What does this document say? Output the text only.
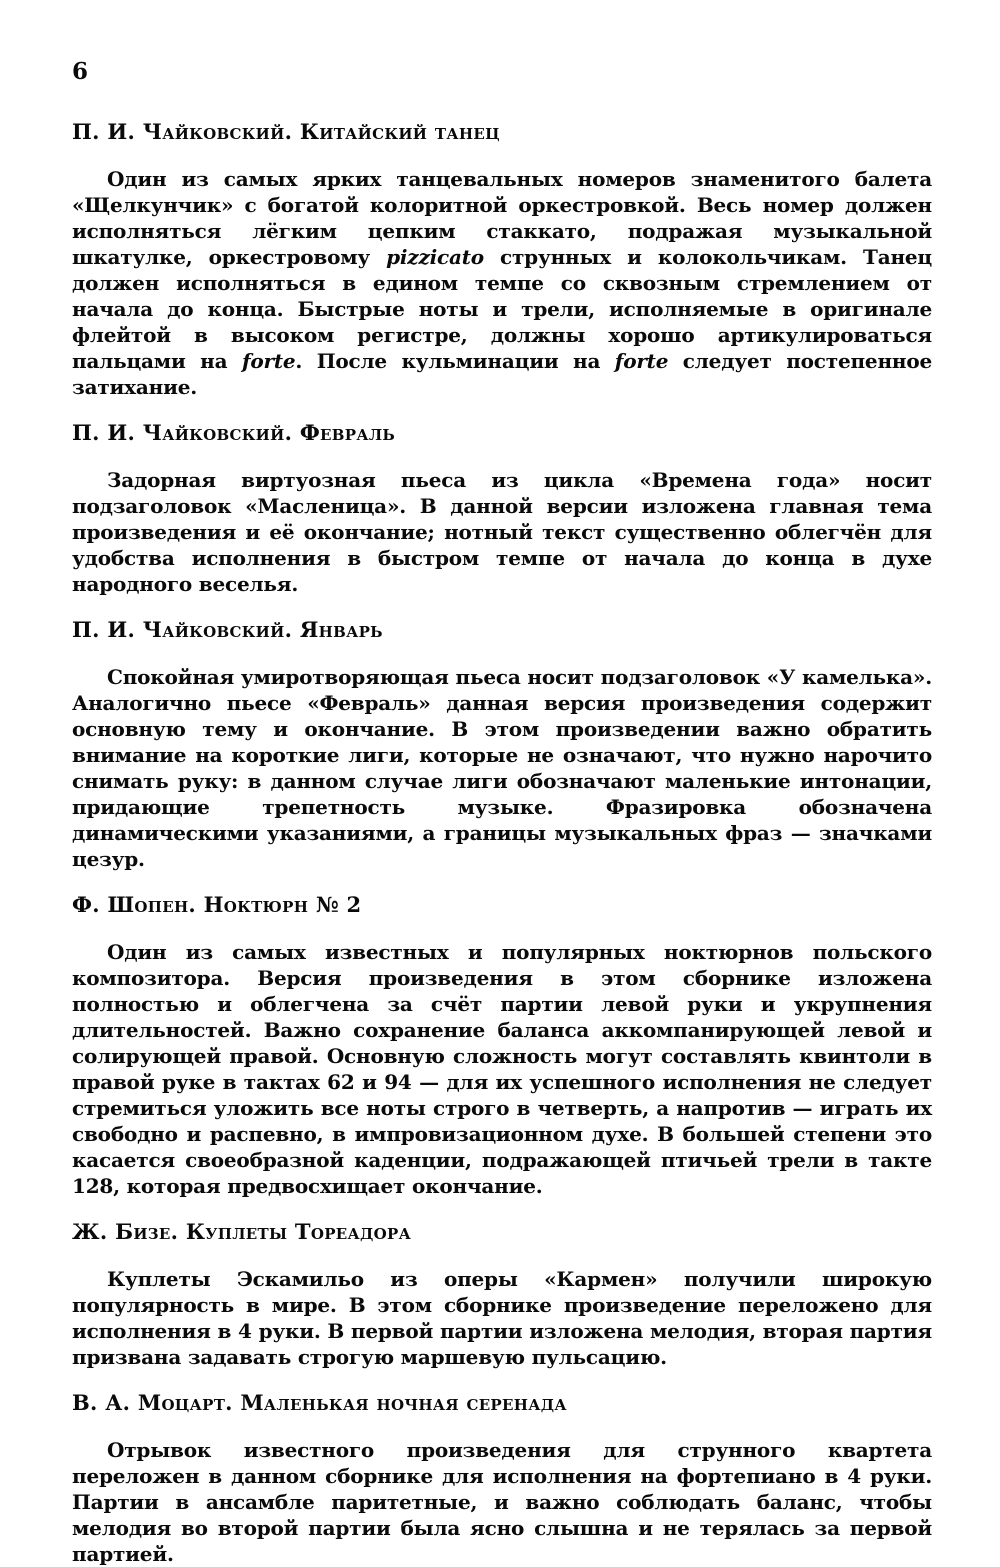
6
П. И. Чайковский. Китайский танец

Один из самых ярких танцевальных номеров знаменитого балета «Щелкунчик» с богатой колоритной оркестровкой. Весь номер должен исполняться лёгким цепким стаккато, подражая музыкальной шкатулке, оркестровому pizzicato струнных и колокольчикам. Танец должен исполняться в едином темпе со сквозным стремлением от начала до конца. Быстрые ноты и трели, исполняемые в оригинале флейтой в высоком регистре, должны хорошо артикулироваться пальцами на forte. После кульминации на forte следует постепенное затихание.

П. И. Чайковский. Февраль

Задорная виртуозная пьеса из цикла «Времена года» носит подзаголовок «Масленица». В данной версии изложена главная тема произведения и её окончание; нотный текст существенно облегчён для удобства исполнения в быстром темпе от начала до конца в духе народного веселья.

П. И. Чайковский. Январь

Спокойная умиротворяющая пьеса носит подзаголовок «У камелька». Аналогично пьесе «Февраль» данная версия произведения содержит основную тему и окончание. В этом произведении важно обратить внимание на короткие лиги, которые не означают, что нужно нарочито снимать руку: в данном случае лиги обозначают маленькие интонации, придающие трепетность музыке. Фразировка обозначена динамическими указаниями, а границы музыкальных фраз — значками цезур.

Ф. Шопен. Ноктюрн № 2

Один из самых известных и популярных ноктюрнов польского композитора. Версия произведения в этом сборнике изложена полностью и облегчена за счёт партии левой руки и укрупнения длительностей. Важно сохранение баланса аккомпанирующей левой и солирующей правой. Основную сложность могут составлять квинтоли в правой руке в тактах 62 и 94 — для их успешного исполнения не следует стремиться уложить все ноты строго в четверть, а напротив — играть их свободно и распевно, в импровизационном духе. В большей степени это касается своеобразной каденции, подражающей птичьей трели в такте 128, которая предвосхищает окончание.

Ж. Бизе. Куплеты Тореадора

Куплеты Эскамильо из оперы «Кармен» получили широкую популярность в мире. В этом сборнике произведение переложено для исполнения в 4 руки. В первой партии изложена мелодия, вторая партия призвана задавать строгую маршевую пульсацию.

В. А. Моцарт. Маленькая ночная серенада

Отрывок известного произведения для струнного квартета переложен в данном сборнике для исполнения на фортепиано в 4 руки. Партии в ансамбле паритетные, и важно соблюдать баланс, чтобы мелодия во второй партии была ясно слышна и не терялась за первой партией.
